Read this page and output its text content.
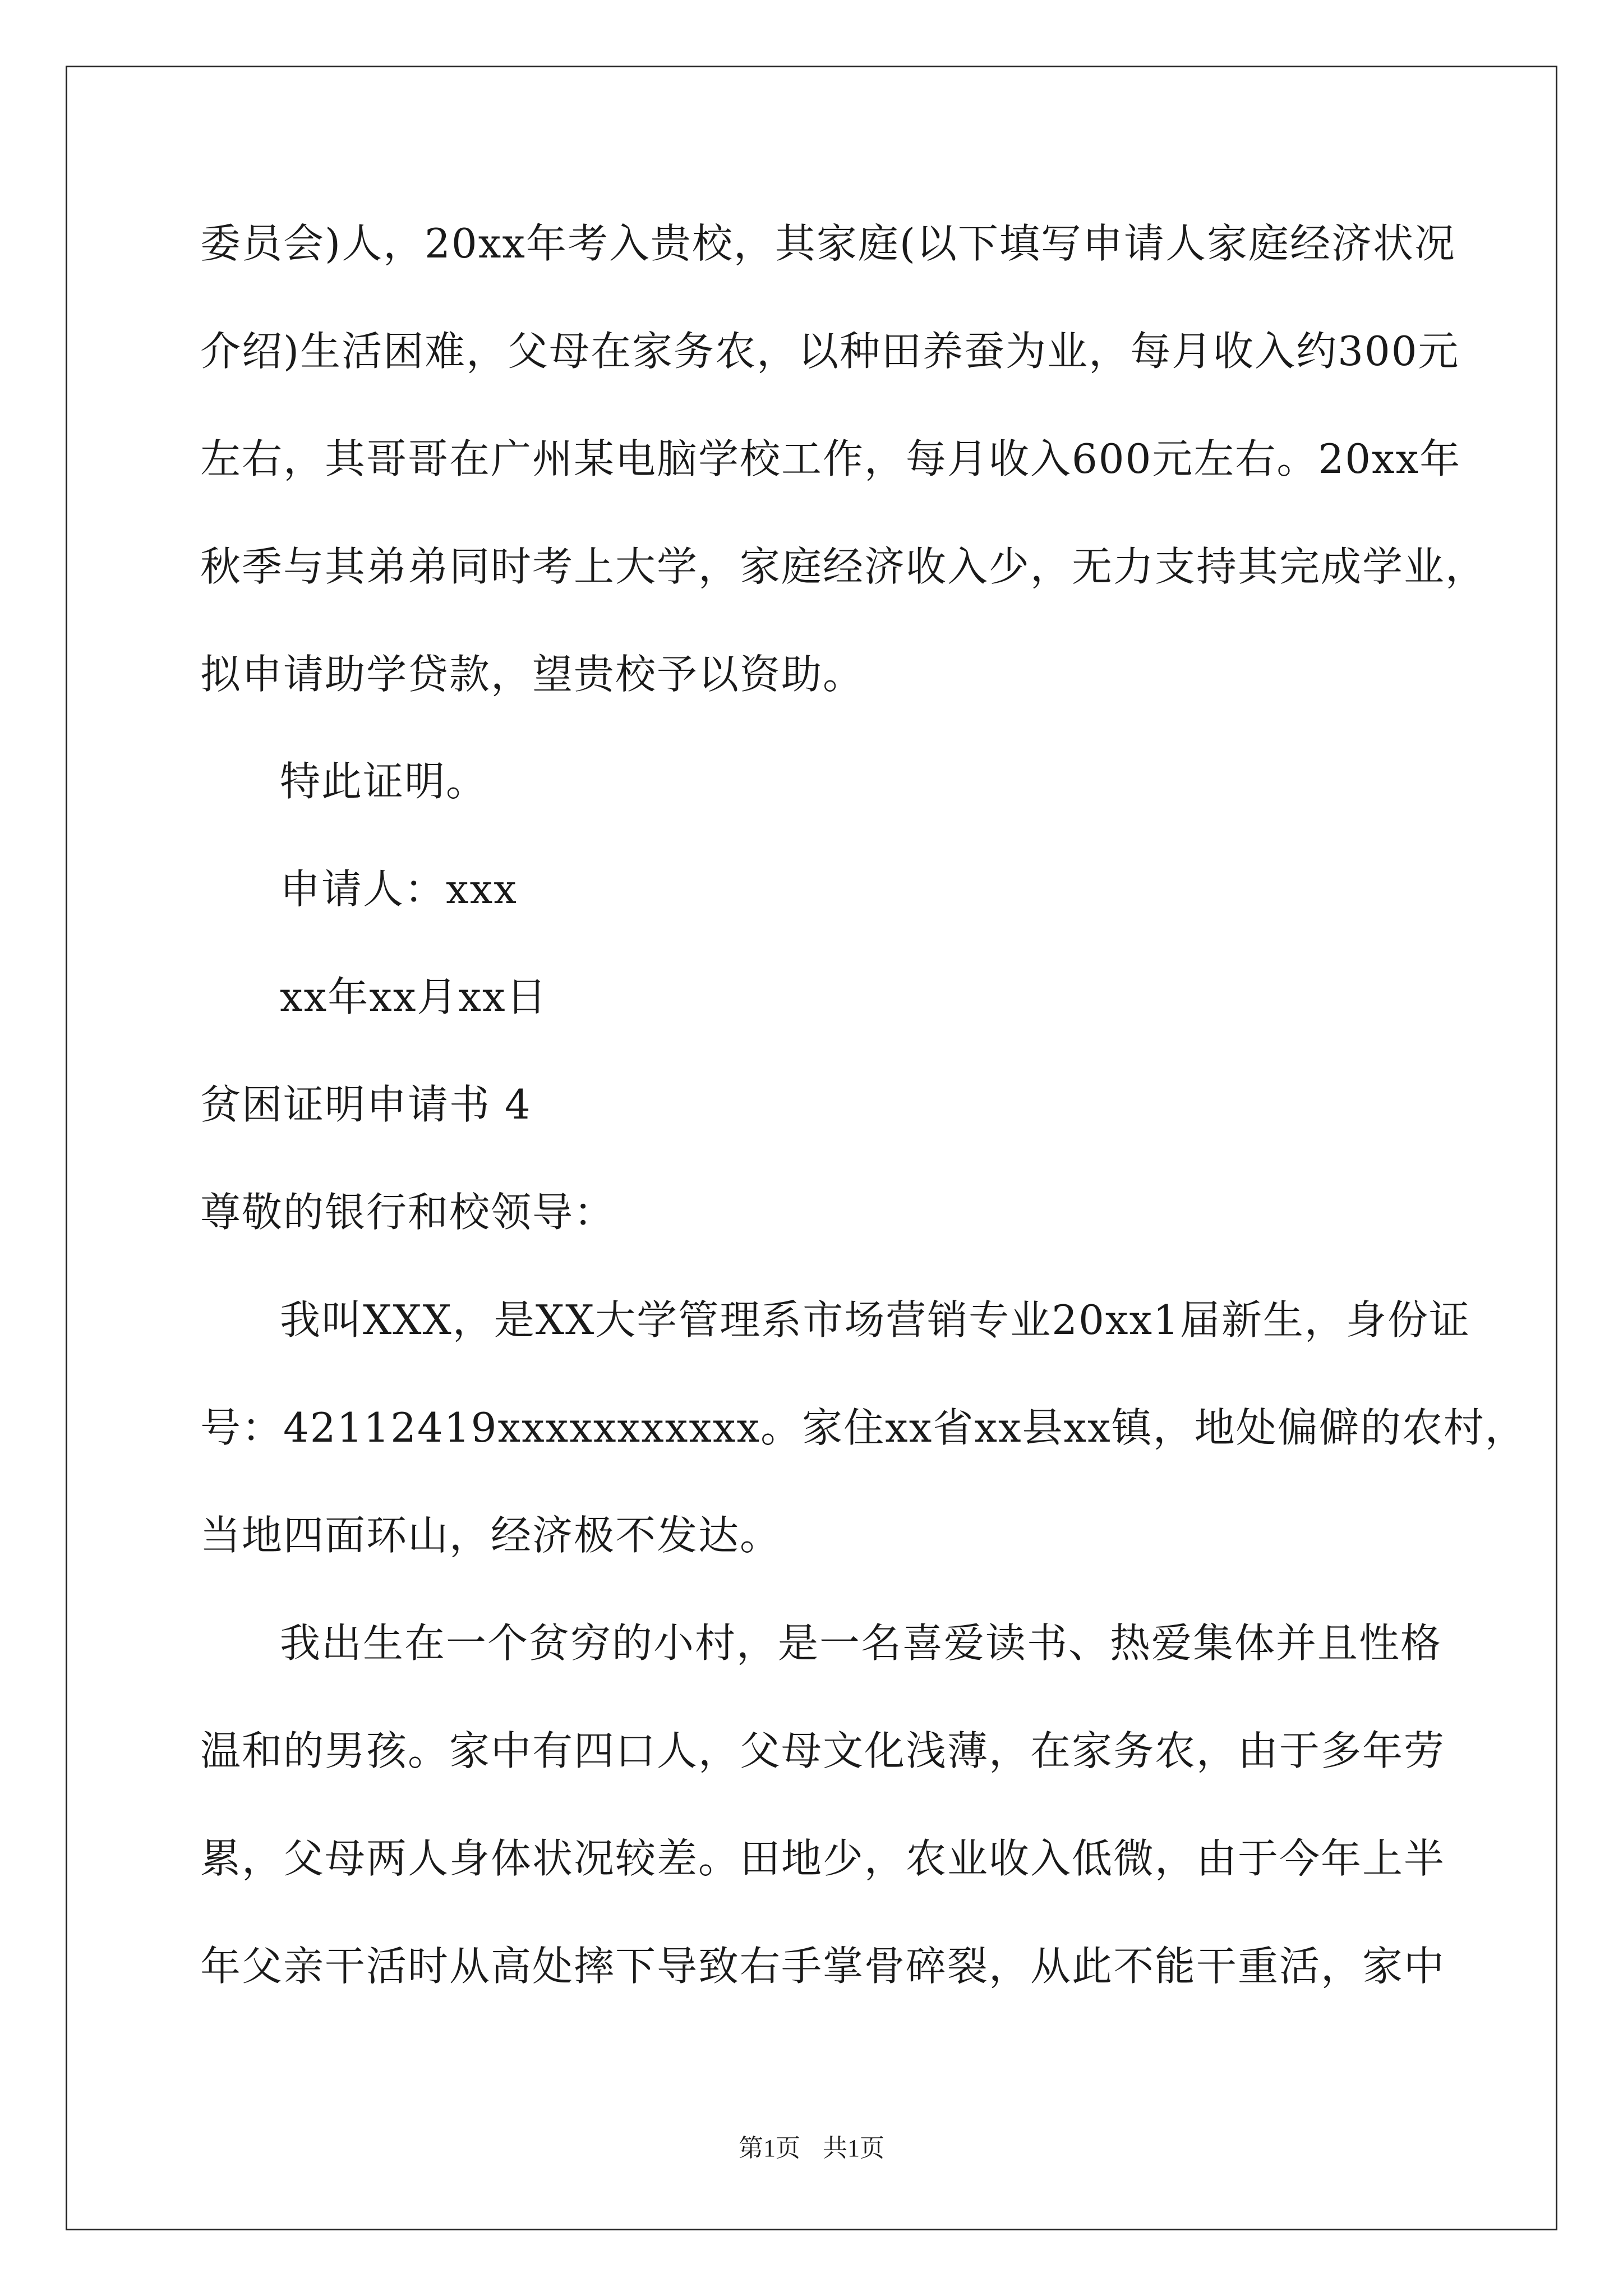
委员会)人，20xx年考入贵校，其家庭(以下填写申请人家庭经济状况
介绍)生活困难，父母在家务农，以种田养蚕为业，每月收入约300元
左右，其哥哥在广州某电脑学校工作，每月收入600元左右。20xx年
秋季与其弟弟同时考上大学，家庭经济收入少，无力支持其完成学业，
拟申请助学贷款，望贵校予以资助。
特此证明。
申请人：xxx
xx年xx月xx日
贫困证明申请书 4
尊敬的银行和校领导：
我叫XXX，是XX大学管理系市场营销专业20xx1届新生，身份证
号：42112419xxxxxxxxxxx。家住xx省xx县xx镇，地处偏僻的农村，
当地四面环山，经济极不发达。
我出生在一个贫穷的小村，是一名喜爱读书、热爱集体并且性格
温和的男孩。家中有四口人，父母文化浅薄，在家务农，由于多年劳
累，父母两人身体状况较差。田地少，农业收入低微，由于今年上半
年父亲干活时从高处摔下导致右手掌骨碎裂，从此不能干重活，家中
第1页 共1页
